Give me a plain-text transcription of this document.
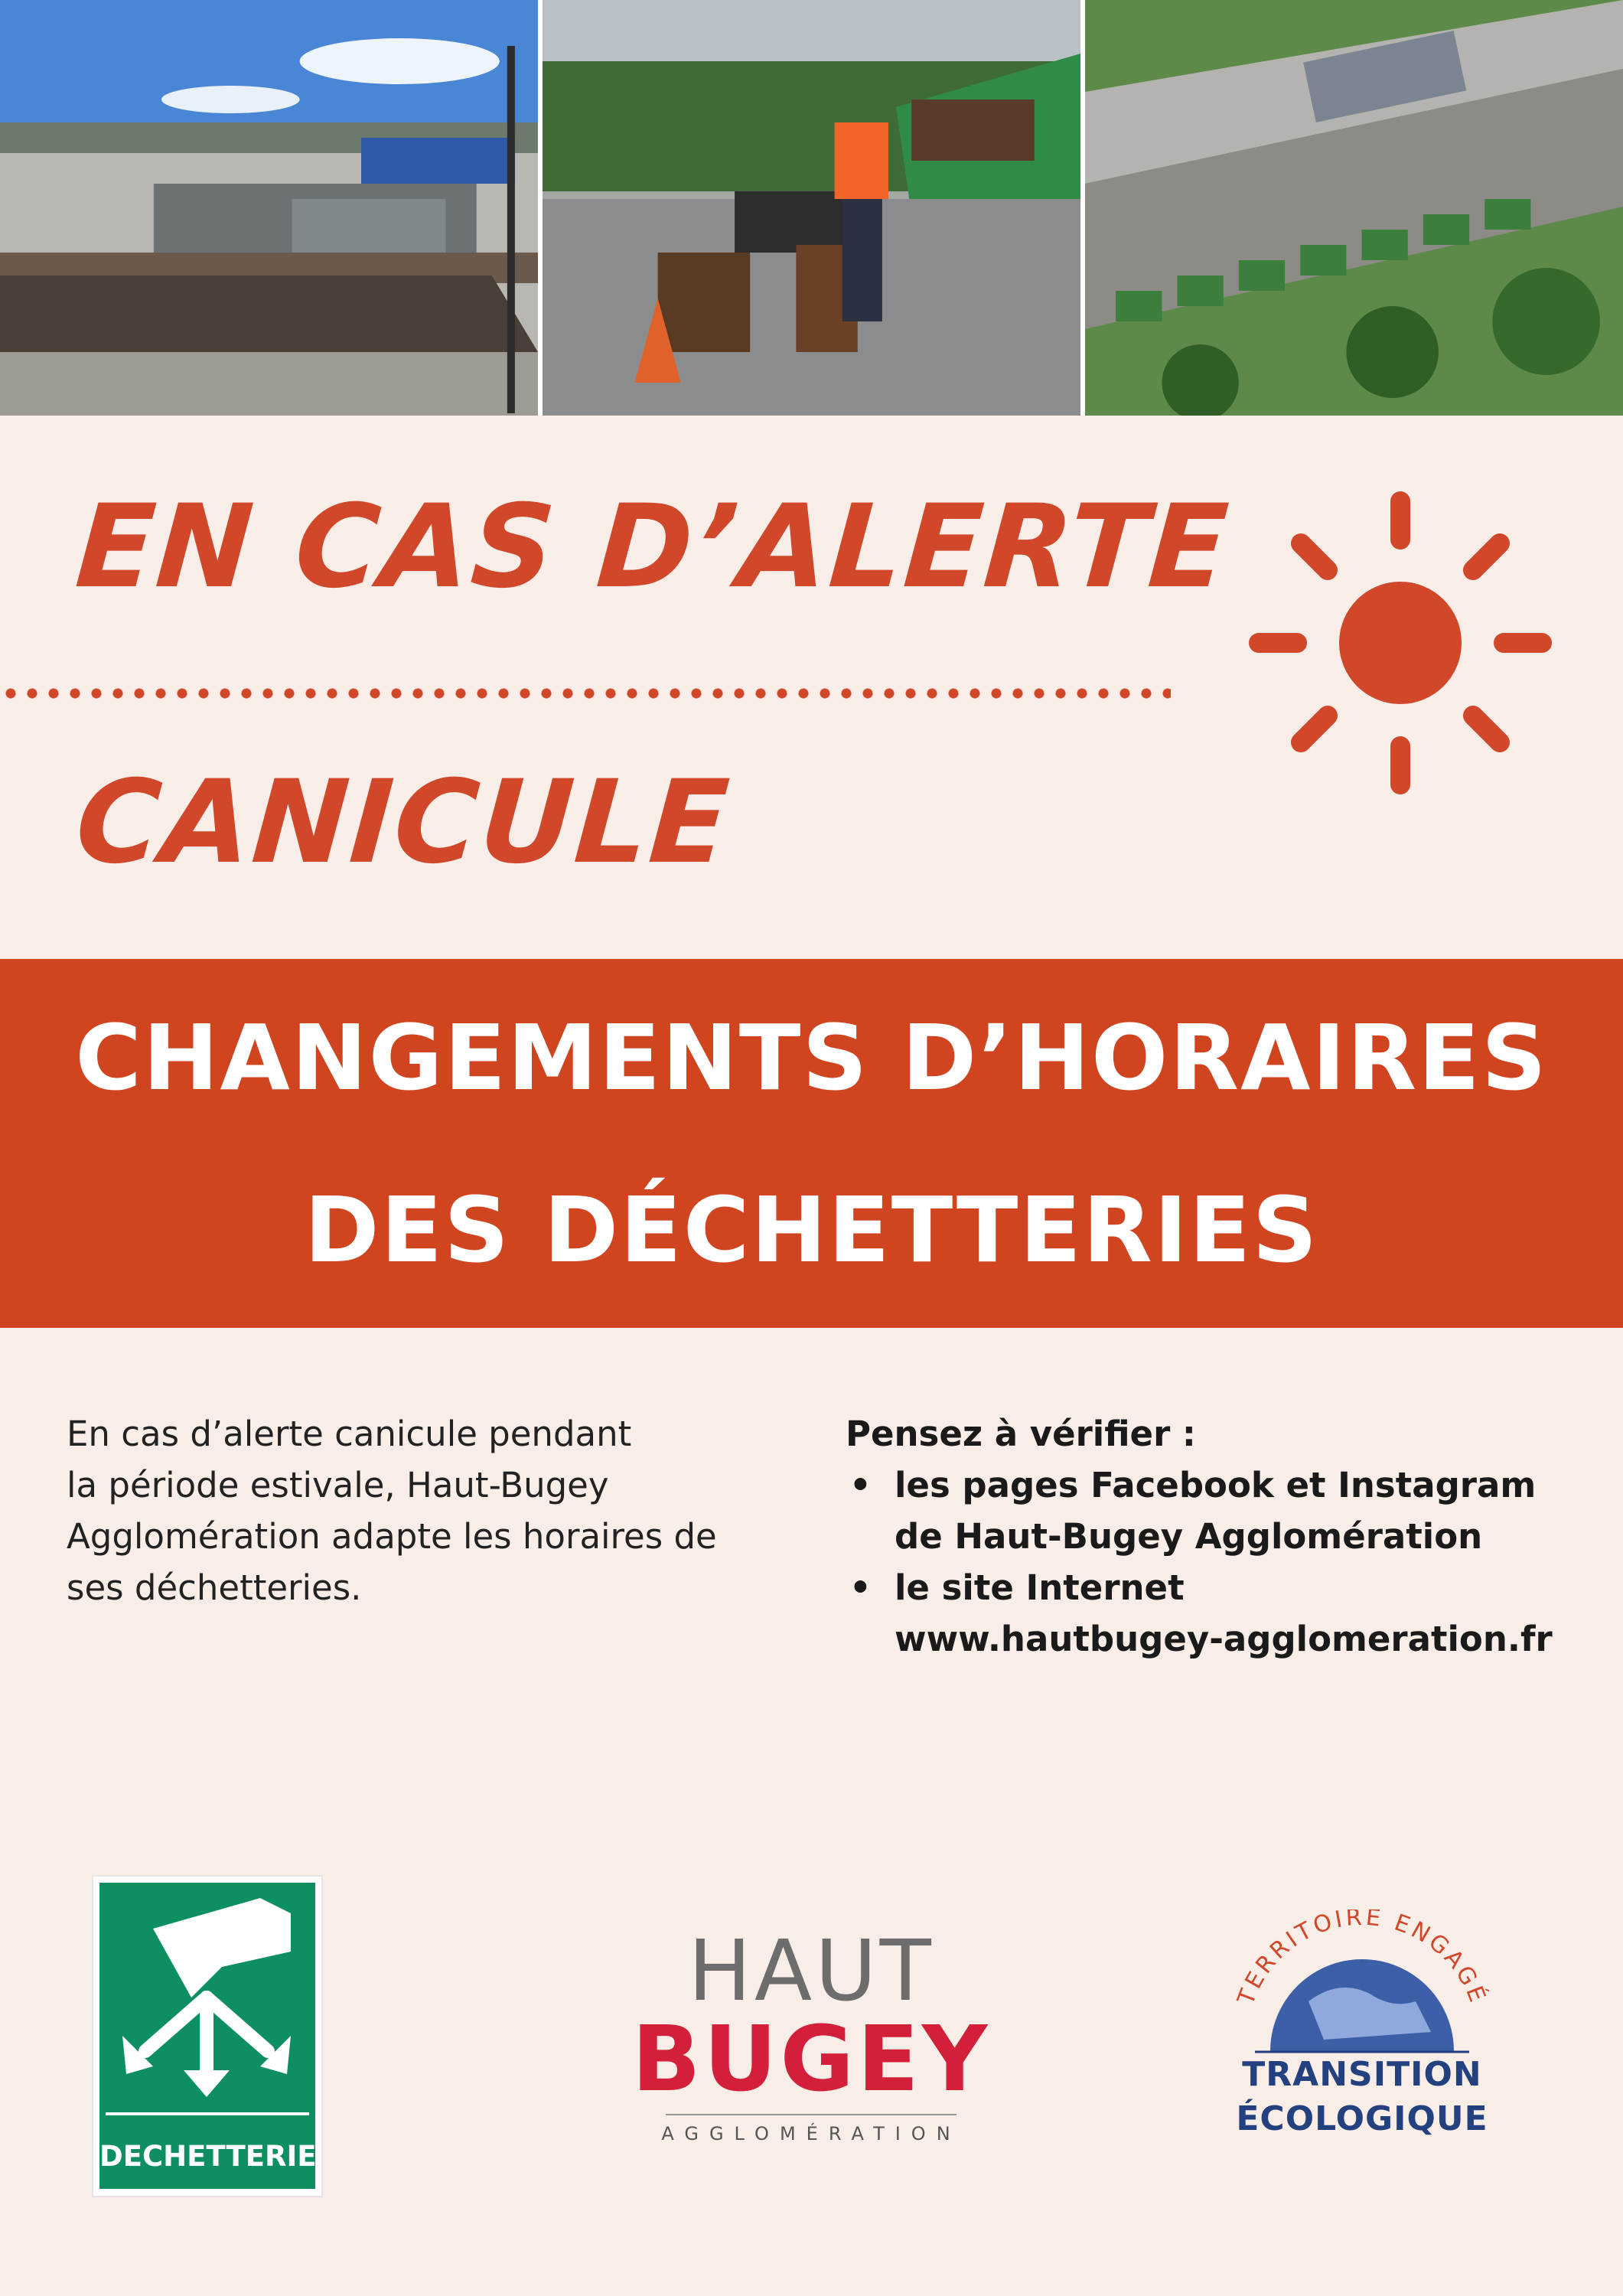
EN CAS D’ALERTE
CANICULE
CHANGEMENTS D’HORAIRES
DES DÉCHETTERIES
En cas d’alerte canicule pendant
la période estivale, Haut-Bugey
Agglomération adapte les horaires de
ses déchetteries.
Pensez à vérifier :
• les pages Facebook et Instagram
de Haut-Bugey Agglomération
• le site Internet
www.hautbugey-agglomeration.fr
DECHETTERIE
HAUT
BUGEY
AGGLOMÉRATION
TERRITOIRE ENGAGÉ
TRANSITION
ÉCOLOGIQUE
